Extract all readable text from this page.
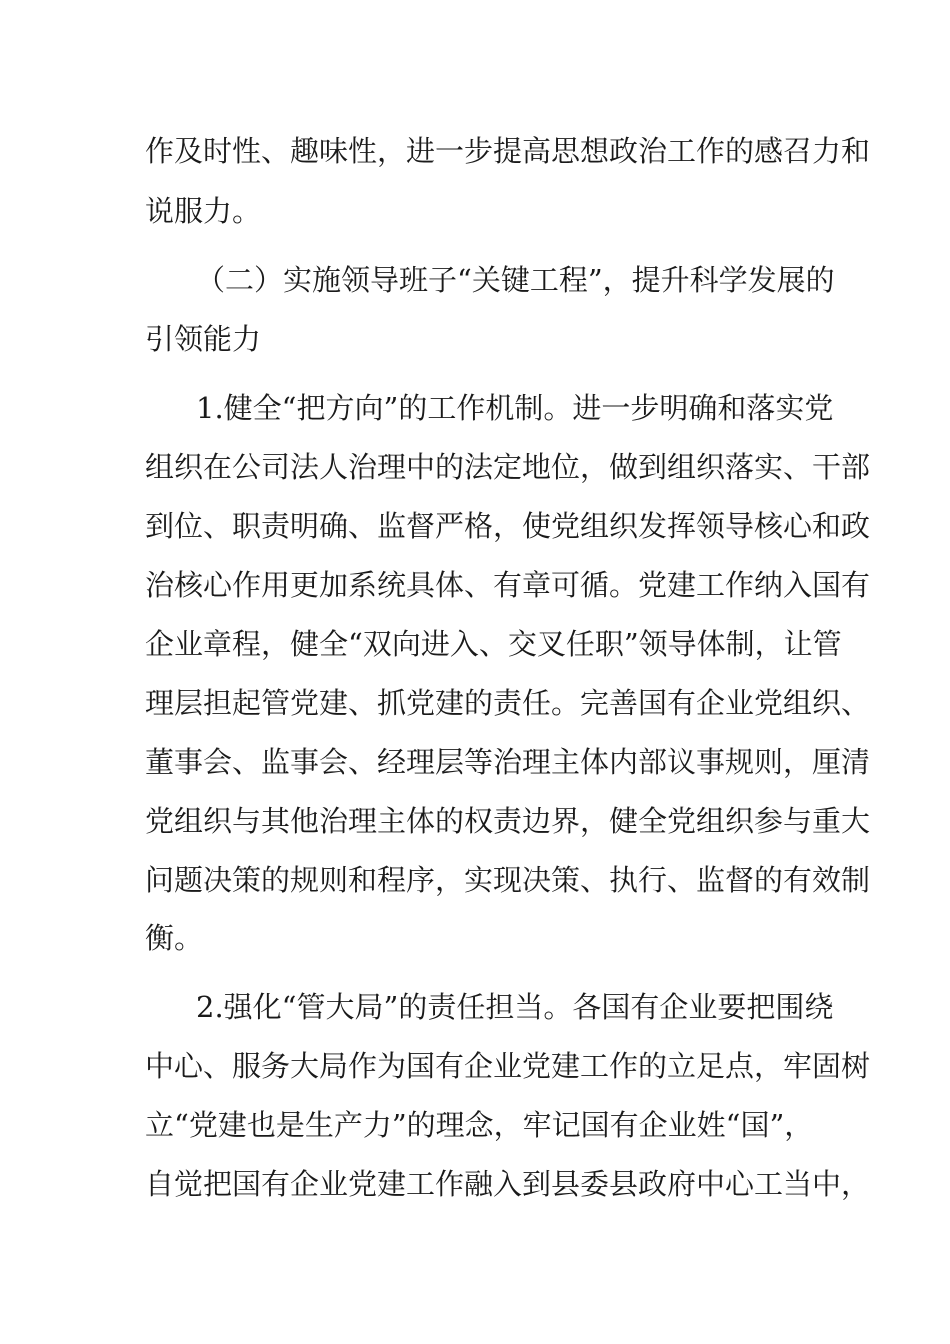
作及时性、趣味性，进一步提高思想政治工作的感召力和
说服力。
（二）实施领导班子“关键工程”，提升科学发展的
引领能力
1.健全“把方向”的工作机制。进一步明确和落实党
组织在公司法人治理中的法定地位，做到组织落实、干部
到位、职责明确、监督严格，使党组织发挥领导核心和政
治核心作用更加系统具体、有章可循。党建工作纳入国有
企业章程，健全“双向进入、交叉任职”领导体制，让管
理层担起管党建、抓党建的责任。完善国有企业党组织、
董事会、监事会、经理层等治理主体内部议事规则，厘清
党组织与其他治理主体的权责边界，健全党组织参与重大
问题决策的规则和程序，实现决策、执行、监督的有效制
衡。
2.强化“管大局”的责任担当。各国有企业要把围绕
中心、服务大局作为国有企业党建工作的立足点，牢固树
立“党建也是生产力”的理念，牢记国有企业姓“国”，
自觉把国有企业党建工作融入到县委县政府中心工当中，
